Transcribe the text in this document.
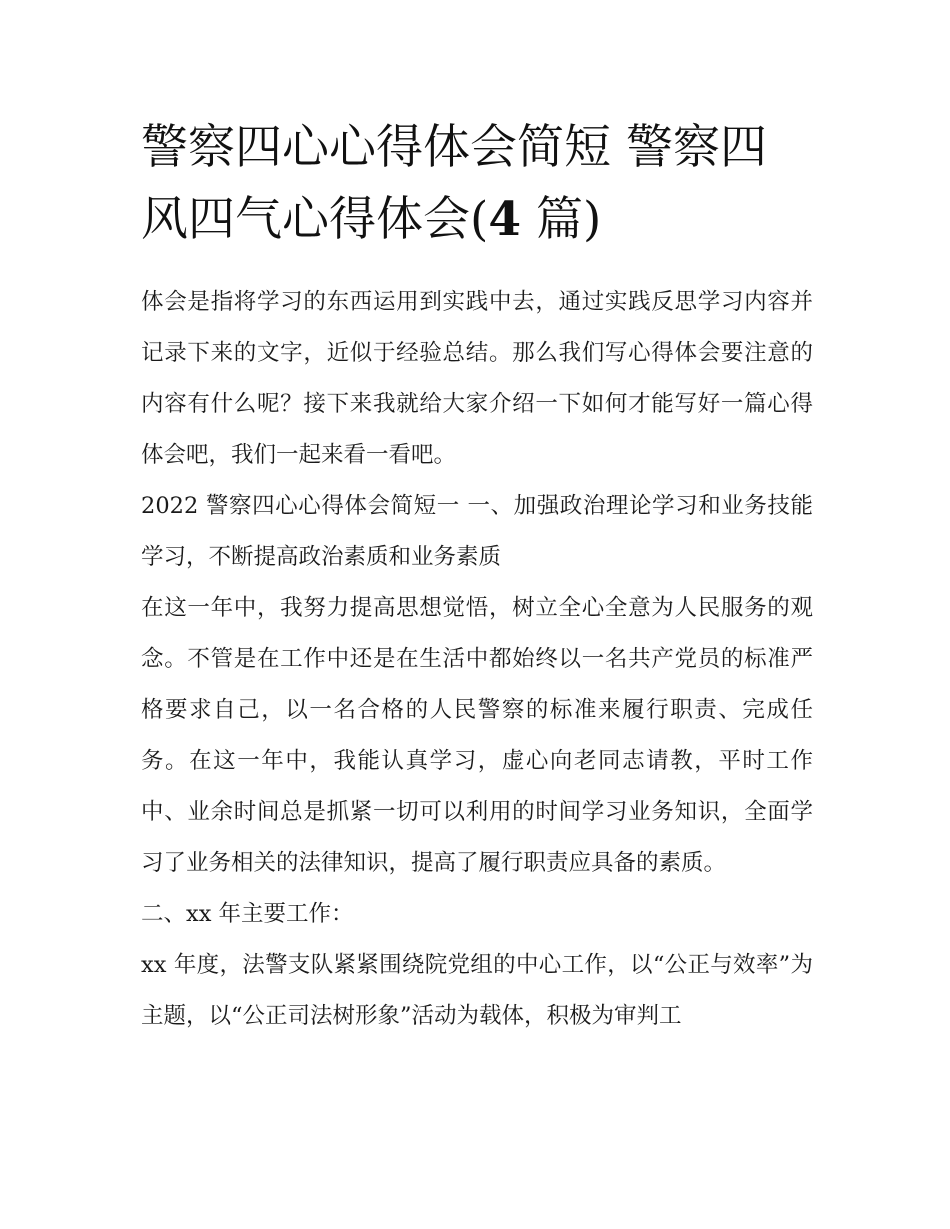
警察四心心得体会简短 警察四风四气心得体会(4 篇)

体会是指将学习的东西运用到实践中去，通过实践反思学习内容并记录下来的文字，近似于经验总结。那么我们写心得体会要注意的内容有什么呢？接下来我就给大家介绍一下如何才能写好一篇心得体会吧，我们一起来看一看吧。

2022 警察四心心得体会简短一 一、加强政治理论学习和业务技能学习，不断提高政治素质和业务素质

在这一年中，我努力提高思想觉悟，树立全心全意为人民服务的观念。不管是在工作中还是在生活中都始终以一名共产党员的标准严格要求自己，以一名合格的人民警察的标准来履行职责、完成任务。在这一年中，我能认真学习，虚心向老同志请教，平时工作中、业余时间总是抓紧一切可以利用的时间学习业务知识，全面学习了业务相关的法律知识，提高了履行职责应具备的素质。

二、xx 年主要工作：

xx 年度，法警支队紧紧围绕院党组的中心工作，以“公正与效率”为主题，以“公正司法树形象”活动为载体，积极为审判工
